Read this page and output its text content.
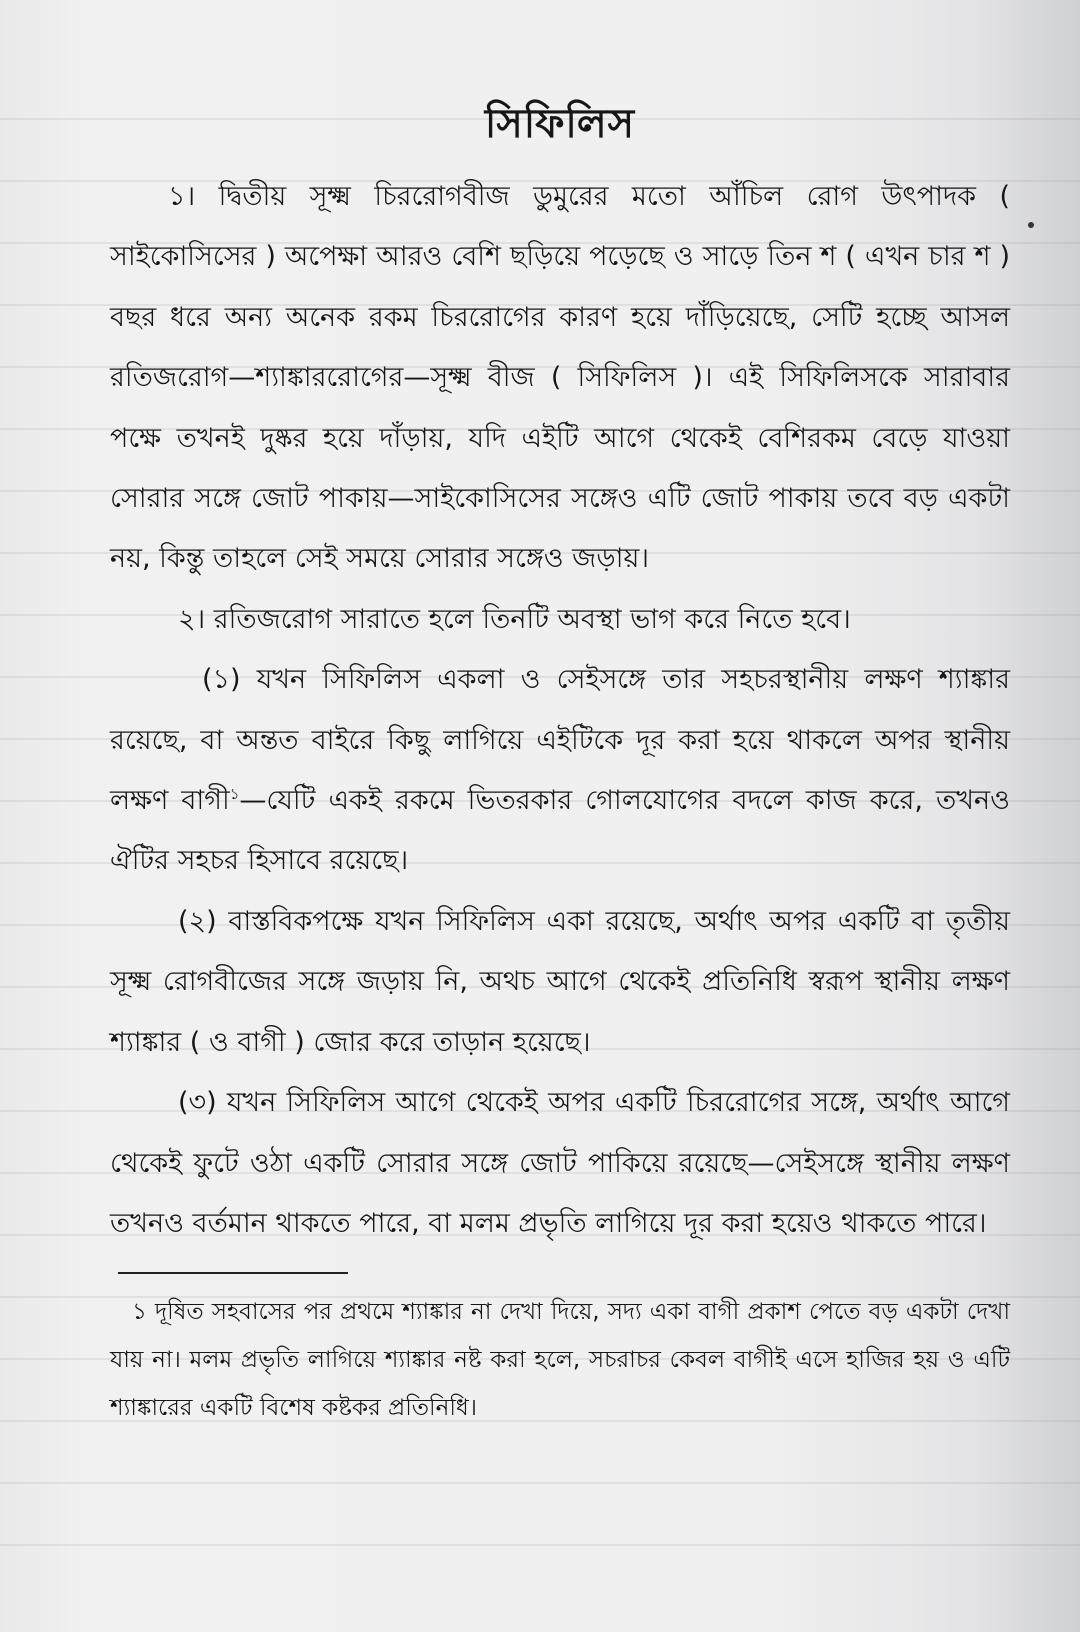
সিফিলিস

১। দ্বিতীয় সূক্ষ্ম চিররোগবীজ ডুমুরের মতো আঁচিল রোগ উৎপাদক ( সাইকোসিসের ) অপেক্ষা আরও বেশি ছড়িয়ে পড়েছে ও সাড়ে তিন শ ( এখন চার শ ) বছর ধরে অন্য অনেক রকম চিররোগের কারণ হয়ে দাঁড়িয়েছে, সেটি হচ্ছে আসল রতিজরোগ—শ্যাঙ্কাররোগের—সূক্ষ্ম বীজ ( সিফিলিস )। এই সিফিলিসকে সারাবার পক্ষে তখনই দুষ্কর হয়ে দাঁড়ায়, যদি এইটি আগে থেকেই বেশিরকম বেড়ে যাওয়া সোরার সঙ্গে জোট পাকায়—সাইকোসিসের সঙ্গেও এটি জোট পাকায় তবে বড় একটা নয়, কিন্তু তাহলে সেই সময়ে সোরার সঙ্গেও জড়ায়।

২। রতিজরোগ সারাতে হলে তিনটি অবস্থা ভাগ করে নিতে হবে।

(১) যখন সিফিলিস একলা ও সেইসঙ্গে তার সহচরস্থানীয় লক্ষণ শ্যাঙ্কার রয়েছে, বা অন্তত বাইরে কিছু লাগিয়ে এইটিকে দূর করা হয়ে থাকলে অপর স্থানীয় লক্ষণ বাগী$^১$—যেটি একই রকমে ভিতরকার গোলযোগের বদলে কাজ করে, তখনও ঐটির সহচর হিসাবে রয়েছে।

(২) বাস্তবিকপক্ষে যখন সিফিলিস একা রয়েছে, অর্থাৎ অপর একটি বা তৃতীয় সূক্ষ্ম রোগবীজের সঙ্গে জড়ায় নি, অথচ আগে থেকেই প্রতিনিধি স্বরূপ স্থানীয় লক্ষণ শ্যাঙ্কার ( ও বাগী ) জোর করে তাড়ান হয়েছে।

(৩) যখন সিফিলিস আগে থেকেই অপর একটি চিররোগের সঙ্গে, অর্থাৎ আগে থেকেই ফুটে ওঠা একটি সোরার সঙ্গে জোট পাকিয়ে রয়েছে—সেইসঙ্গে স্থানীয় লক্ষণ তখনও বর্তমান থাকতে পারে, বা মলম প্রভৃতি লাগিয়ে দূর করা হয়েও থাকতে পারে।

১ দূষিত সহবাসের পর প্রথমে শ্যাঙ্কার না দেখা দিয়ে, সদ্য একা বাগী প্রকাশ পেতে বড় একটা দেখা যায় না। মলম প্রভৃতি লাগিয়ে শ্যাঙ্কার নষ্ট করা হলে, সচরাচর কেবল বাগীই এসে হাজির হয় ও এটি শ্যাঙ্কারের একটি বিশেষ কষ্টকর প্রতিনিধি।
